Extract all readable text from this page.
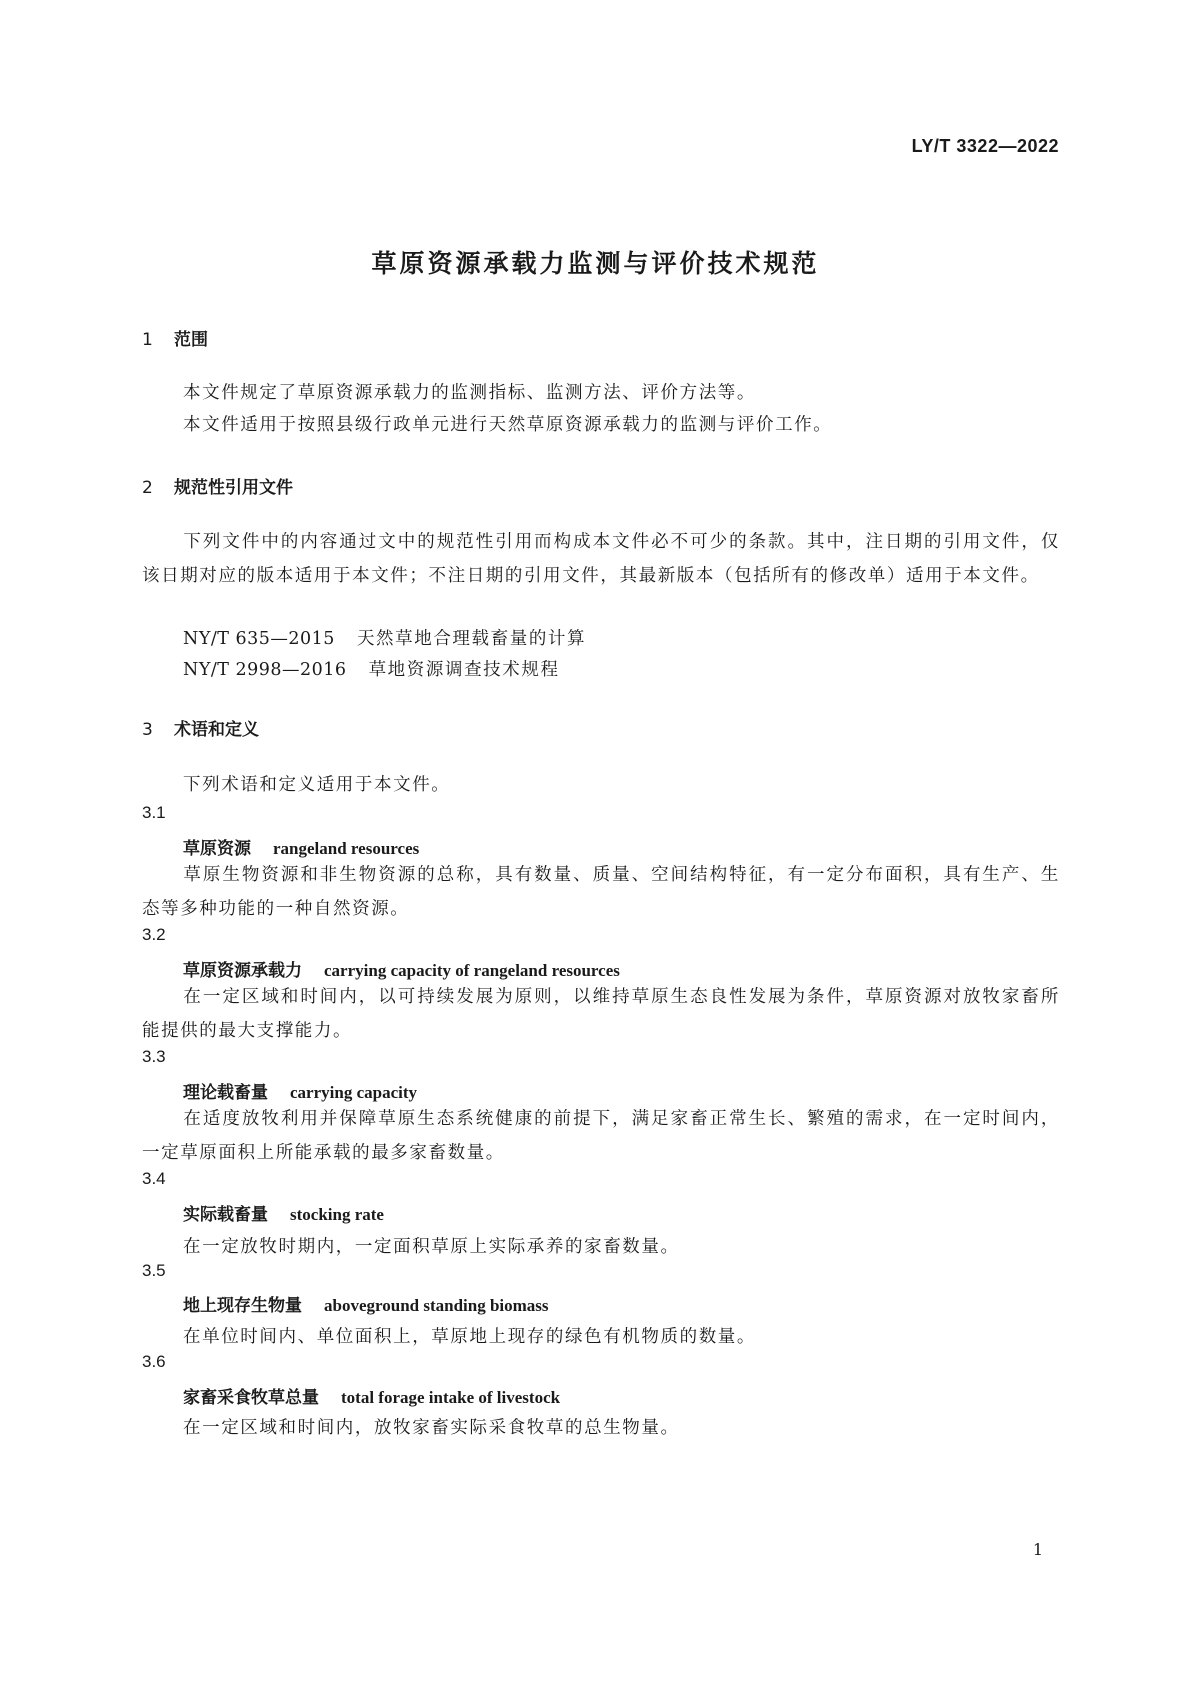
LY/T 3322—2022
草原资源承载力监测与评价技术规范
1 范围
本文件规定了草原资源承载力的监测指标、监测方法、评价方法等。
本文件适用于按照县级行政单元进行天然草原资源承载力的监测与评价工作。
2 规范性引用文件
下列文件中的内容通过文中的规范性引用而构成本文件必不可少的条款。其中，注日期的引用文件，仅该日期对应的版本适用于本文件；不注日期的引用文件，其最新版本（包括所有的修改单）适用于本文件。
NY/T 635—2015 天然草地合理载畜量的计算
NY/T 2998—2016 草地资源调查技术规程
3 术语和定义
下列术语和定义适用于本文件。
3.1
草原资源 rangeland resources
草原生物资源和非生物资源的总称，具有数量、质量、空间结构特征，有一定分布面积，具有生产、生态等多种功能的一种自然资源。
3.2
草原资源承载力 carrying capacity of rangeland resources
在一定区域和时间内，以可持续发展为原则，以维持草原生态良性发展为条件，草原资源对放牧家畜所能提供的最大支撑能力。
3.3
理论载畜量 carrying capacity
在适度放牧利用并保障草原生态系统健康的前提下，满足家畜正常生长、繁殖的需求，在一定时间内，一定草原面积上所能承载的最多家畜数量。
3.4
实际载畜量 stocking rate
在一定放牧时期内，一定面积草原上实际承养的家畜数量。
3.5
地上现存生物量 aboveground standing biomass
在单位时间内、单位面积上，草原地上现存的绿色有机物质的数量。
3.6
家畜采食牧草总量 total forage intake of livestock
在一定区域和时间内，放牧家畜实际采食牧草的总生物量。
1
